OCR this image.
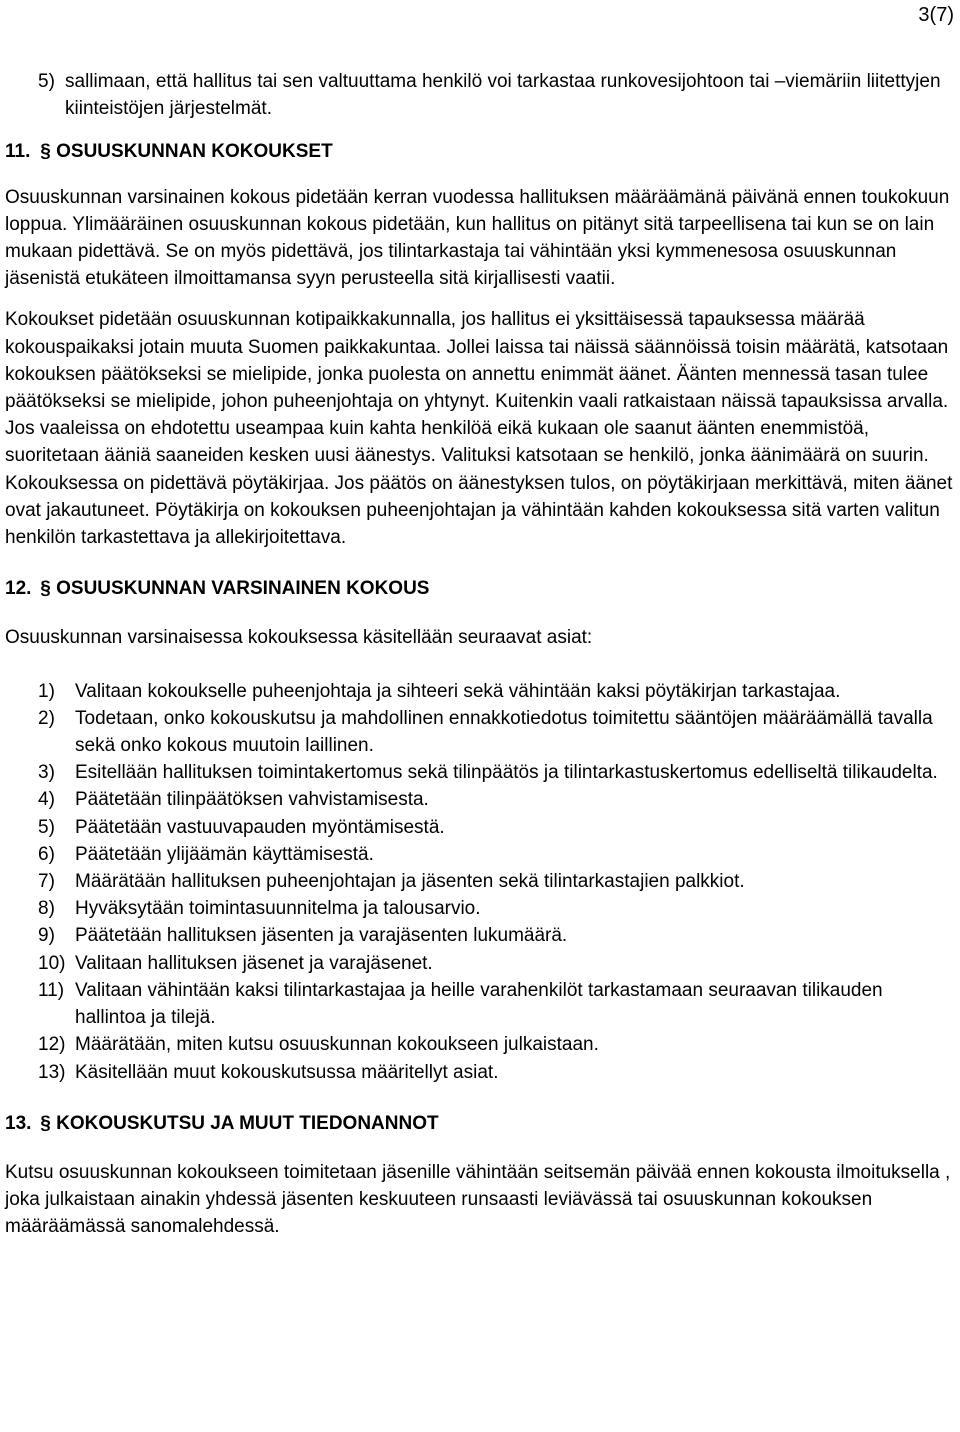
3(7)
5) sallimaan, että hallitus tai sen valtuuttama henkilö voi tarkastaa runkovesijohtoon tai –viemäriin liitettyjen kiinteistöjen järjestelmät.
11. § OSUUSKUNNAN KOKOUKSET

Osuuskunnan varsinainen kokous pidetään kerran vuodessa hallituksen määräämänä päivänä ennen toukokuun loppua. Ylimääräinen osuuskunnan kokous pidetään, kun hallitus on pitänyt sitä tarpeellisena tai kun se on lain mukaan pidettävä. Se on myös pidettävä, jos tilintarkastaja tai vähintään yksi kymmenesosa osuuskunnan jäsenistä etukäteen ilmoittamansa syyn perusteella sitä kirjallisesti vaatii.

Kokoukset pidetään osuuskunnan kotipaikkakunnalla, jos hallitus ei yksittäisessä tapauksessa määrää kokouspaikaksi jotain muuta Suomen paikkakuntaa. Jollei laissa tai näissä säännöissä toisin määrätä, katsotaan kokouksen päätökseksi se mielipide, jonka puolesta on annettu enimmät äänet. Äänten mennessä tasan tulee päätökseksi se mielipide, johon puheenjohtaja on yhtynyt. Kuitenkin vaali ratkaistaan näissä tapauksissa arvalla. Jos vaaleissa on ehdotettu useampaa kuin kahta henkilöä eikä kukaan ole saanut äänten enemmistöä, suoritetaan ääniä saaneiden kesken uusi äänestys. Valituksi katsotaan se henkilö, jonka äänimäärä on suurin. Kokouksessa on pidettävä pöytäkirjaa. Jos päätös on äänestyksen tulos, on pöytäkirjaan merkittävä, miten äänet ovat jakautuneet. Pöytäkirja on kokouksen puheenjohtajan ja vähintään kahden kokouksessa sitä varten valitun henkilön tarkastettava ja allekirjoitettava.

12. § OSUUSKUNNAN VARSINAINEN KOKOUS

Osuuskunnan varsinaisessa kokouksessa käsitellään seuraavat asiat:

1)	Valitaan kokoukselle puheenjohtaja ja sihteeri sekä vähintään kaksi pöytäkirjan tarkastajaa.
2)	Todetaan, onko kokouskutsu ja mahdollinen ennakkotiedotus toimitettu sääntöjen määräämällä tavalla sekä onko kokous muutoin laillinen.
3)	Esitellään hallituksen toimintakertomus sekä tilinpäätös ja tilintarkastuskertomus edelliseltä tilikaudelta.
4)	Päätetään tilinpäätöksen vahvistamisesta.
5)	Päätetään vastuuvapauden myöntämisestä.
6)	Päätetään ylijäämän käyttämisestä.
7)	Määrätään hallituksen puheenjohtajan ja jäsenten sekä tilintarkastajien palkkiot.
8)	Hyväksytään toimintasuunnitelma ja talousarvio.
9)	Päätetään hallituksen jäsenten ja varajäsenten lukumäärä.
10) Valitaan hallituksen jäsenet ja varajäsenet.
11) Valitaan vähintään kaksi tilintarkastajaa ja heille varahenkilöt tarkastamaan seuraavan tilikauden hallintoa ja tilejä.
12) Määrätään, miten kutsu osuuskunnan kokoukseen julkaistaan.
13) Käsitellään muut kokouskutsussa määritellyt asiat.
13. § KOKOUSKUTSU JA MUUT TIEDONANNOT

Kutsu osuuskunnan kokoukseen toimitetaan jäsenille vähintään seitsemän päivää ennen kokousta ilmoituksella , joka julkaistaan ainakin yhdessä jäsenten keskuuteen runsaasti leviävässä tai osuuskunnan kokouksen määräämässä sanomalehdessä.
